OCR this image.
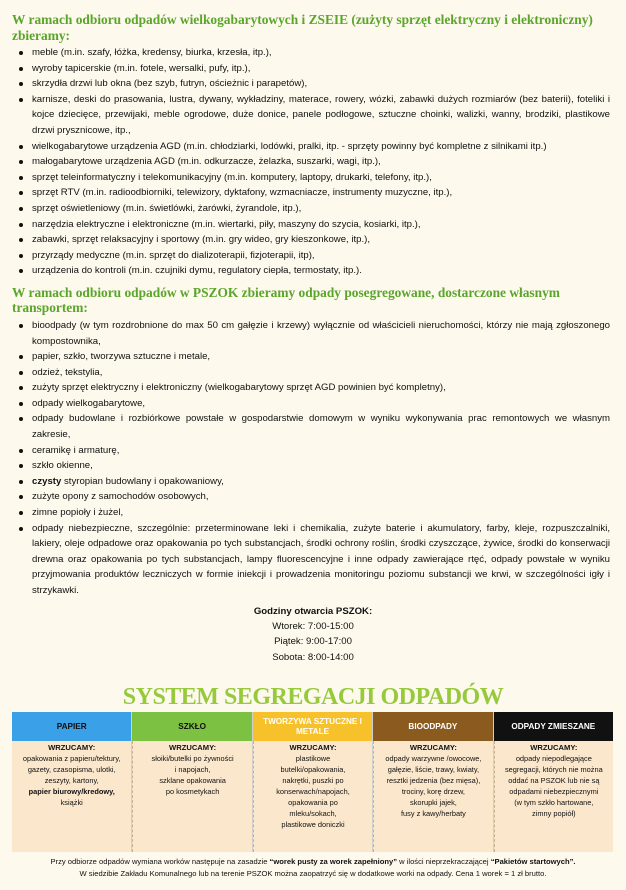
W ramach odbioru odpadów wielkogabarytowych i ZSEIE (zużyty sprzęt elektryczny i elektroniczny) zbieramy:
meble (m.in. szafy, łóżka, kredensy, biurka, krzesła, itp.),
wyroby tapicerskie (m.in. fotele, wersalki, pufy, itp.),
skrzydła drzwi lub okna (bez szyb, futryn, ościeżnic i parapetów),
karnisze, deski do prasowania, lustra, dywany, wykładziny, materace, rowery, wózki, zabawki dużych rozmiarów (bez baterii), foteliki i kojce dziecięce, przewijaki, meble ogrodowe, duże donice, panele podłogowe, sztuczne choinki, walizki, wanny, brodziki, plastikowe drzwi prysznicowe, itp.,
wielkogabarytowe urządzenia AGD (m.in. chłodziarki, lodówki, pralki, itp. - sprzęty powinny być kompletne z silnikami itp.)
małogabarytowe urządzenia AGD (m.in. odkurzacze, żelazka, suszarki, wagi, itp.),
sprzęt teleinformatyczny i telekomunikacyjny (m.in. komputery, laptopy, drukarki, telefony, itp.),
sprzęt RTV (m.in. radioodbiorniki, telewizory, dyktafony, wzmacniacze, instrumenty muzyczne, itp.),
sprzęt oświetleniowy (m.in. świetlówki, żarówki, żyrandole, itp.),
narzędzia elektryczne i elektroniczne (m.in. wiertarki, piły, maszyny do szycia, kosiarki, itp.),
zabawki, sprzęt relaksacyjny i sportowy (m.in. gry wideo, gry kieszonkowe, itp.),
przyrządy medyczne (m.in. sprzęt do dializoterapii, fizjoterapii, itp),
urządzenia do kontroli (m.in. czujniki dymu, regulatory ciepła, termostaty, itp.).
W ramach odbioru odpadów w PSZOK zbieramy odpady posegregowane, dostarczone własnym transportem:
bioodpady (w tym rozdrobnione do max 50 cm gałęzie i krzewy) wyłącznie od właścicieli nieruchomości, którzy nie mają zgłoszonego kompostownika,
papier, szkło, tworzywa sztuczne i metale,
odzież, tekstylia,
zużyty sprzęt elektryczny i elektroniczny (wielkogabarytowy sprzęt AGD powinien być kompletny),
odpady wielkogabarytowe,
odpady budowlane i rozbiórkowe powstałe w gospodarstwie domowym w wyniku wykonywania prac remontowych we własnym zakresie,
ceramikę i armaturę,
szkło okienne,
czysty styropian budowlany i opakowaniowy,
zużyte opony z samochodów osobowych,
zimne popioły i żużel,
odpady niebezpieczne, szczególnie: przeterminowane leki i chemikalia, zużyte baterie i akumulatory, farby, kleje, rozpuszczalniki, lakiery, oleje odpadowe oraz opakowania po tych substancjach, środki ochrony roślin, środki czyszczące, żywice, środki do konserwacji drewna oraz opakowania po tych substancjach, lampy fluorescencyjne i inne odpady zawierające rtęć, odpady powstałe w wyniku przyjmowania produktów leczniczych w formie iniekcji i prowadzenia monitoringu poziomu substancji we krwi, w szczególności igły i strzykawki.
Godziny otwarcia PSZOK:
Wtorek: 7:00-15:00
Piątek: 9:00-17:00
Sobota: 8:00-14:00
SYSTEM SEGREGACJI ODPADÓW
PAPIER
WRZUCAMY:
opakowania z papieru/tektury,
gazety, czasopisma, ulotki,
zeszyty, kartony,
papier biurowy/kredowy,
książki
SZKŁO
WRZUCAMY:
słoiki/butelki po żywności
i napojach,
szklane opakowania
po kosmetykach
TWORZYWA SZTUCZNE I METALE
WRZUCAMY:
plastikowe
butelki/opakowania,
nakrętki, puszki po
konserwach/napojach,
opakowania po
mleku/sokach,
plastikowe doniczki
BIOODPADY
WRZUCAMY:
odpady warzywne /owocowe,
gałęzie, liście, trawy, kwiaty,
resztki jedzenia (bez mięsa),
trociny, korę drzew,
skorupki jajek,
fusy z kawy/herbaty
ODPADY ZMIESZANE
WRZUCAMY:
odpady niepodlegające
segregacji, których nie można
oddać na PSZOK lub nie są
odpadami niebezpiecznymi
(w tym szkło hartowane,
zimny popiół)
Przy odbiorze odpadów wymiana worków następuje na zasadzie “worek pusty za worek zapełniony” w ilości nieprzekraczającej “Pakietów startowych”.
W siedzibie Zakładu Komunalnego lub na terenie PSZOK można zaopatrzyć się w dodatkowe worki na odpady. Cena 1 worek = 1 zł brutto.
